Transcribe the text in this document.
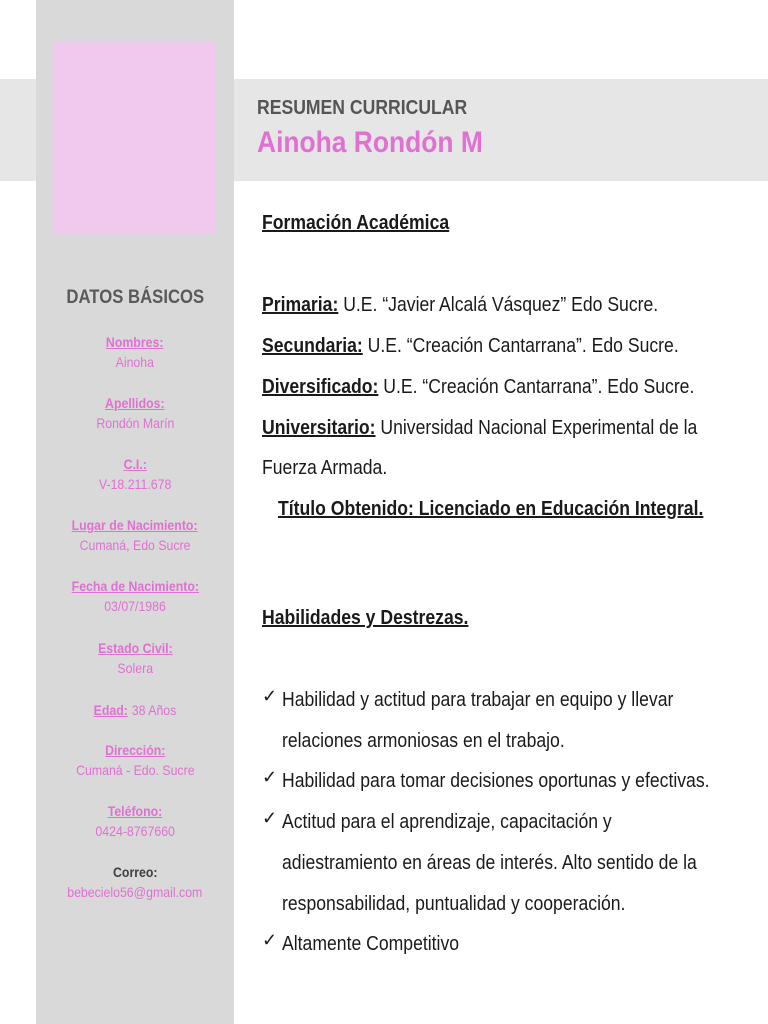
DATOS BÁSICOS
Nombres:
Ainoha
Apellidos:
Rondón Marín
C.I.:
V-18.211.678
Lugar de Nacimiento:
Cumaná, Edo Sucre
Fecha de Nacimiento:
03/07/1986
Estado Civil:
Solera
Edad: 38 Años
Dirección:
Cumaná - Edo. Sucre
Teléfono:
0424-8767660
Correo:
bebecielo56@gmail.com
RESUMEN CURRICULAR
Ainoha Rondón M
Formación Académica
Primaria: U.E. “Javier Alcalá Vásquez” Edo Sucre.
Secundaria: U.E. “Creación Cantarrana”. Edo Sucre.
Diversificado: U.E. “Creación Cantarrana”. Edo Sucre.
Universitario: Universidad Nacional Experimental de la
Fuerza Armada.
Título Obtenido: Licenciado en Educación Integral.
Habilidades y Destrezas.
✓ Habilidad y actitud para trabajar en equipo y llevar
relaciones armoniosas en el trabajo.
✓ Habilidad para tomar decisiones oportunas y efectivas.
✓ Actitud para el aprendizaje, capacitación y
adiestramiento en áreas de interés. Alto sentido de la
responsabilidad, puntualidad y cooperación.
✓ Altamente Competitivo
